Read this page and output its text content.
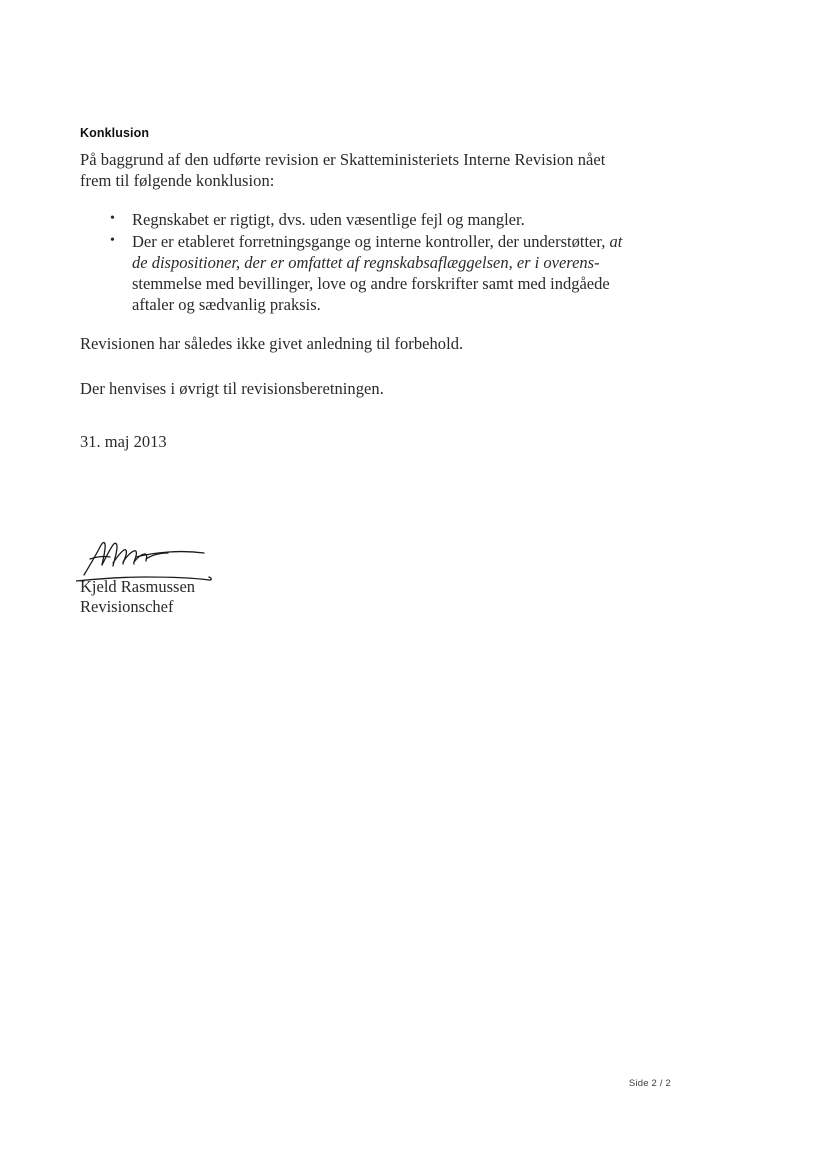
Konklusion

På baggrund af den udførte revision er Skatteministeriets Interne Revision nået frem til følgende konklusion:

• Regnskabet er rigtigt, dvs. uden væsentlige fejl og mangler.
• Der er etableret forretningsgange og interne kontroller, der understøtter, at de dispositioner, der er omfattet af regnskabsaflæggelsen, er i overens-stemmelse med bevillinger, love og andre forskrifter samt med indgåede aftaler og sædvanlig praksis.

Revisionen har således ikke givet anledning til forbehold.

Der henvises i øvrigt til revisionsberetningen.

31. maj 2013
Kjeld Rasmussen
Revisionschef
Side 2 / 2
